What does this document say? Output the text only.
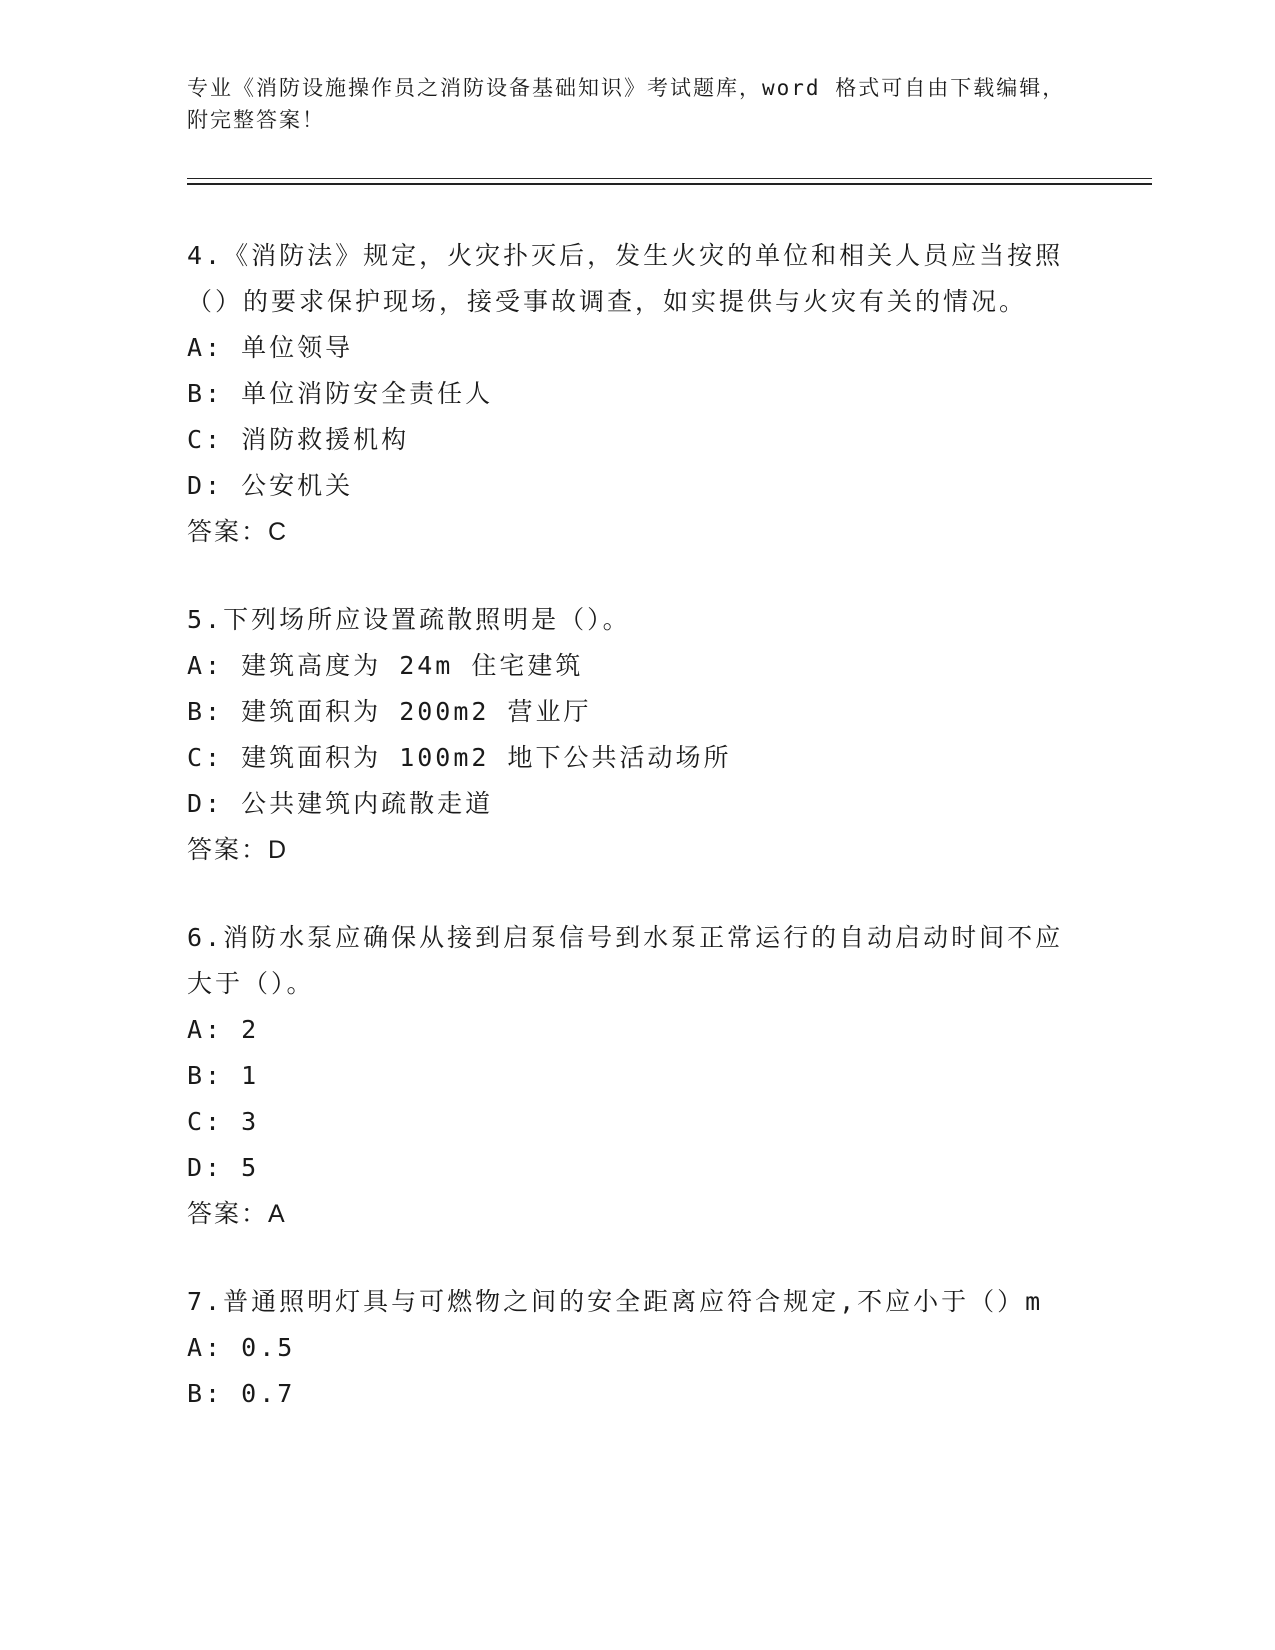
专业《消防设施操作员之消防设备基础知识》考试题库，word 格式可自由下载编辑，附完整答案！
4.《消防法》规定，火灾扑灭后，发生火灾的单位和相关人员应当按照（）的要求保护现场，接受事故调查，如实提供与火灾有关的情况。
A: 单位领导
B: 单位消防安全责任人
C: 消防救援机构
D: 公安机关
答案：C
5.下列场所应设置疏散照明是（）。
A: 建筑高度为 24m 住宅建筑
B: 建筑面积为 200m2 营业厅
C: 建筑面积为 100m2 地下公共活动场所
D: 公共建筑内疏散走道
答案：D
6.消防水泵应确保从接到启泵信号到水泵正常运行的自动启动时间不应大于（）。
A: 2
B: 1
C: 3
D: 5
答案：A
7.普通照明灯具与可燃物之间的安全距离应符合规定,不应小于（）m
A: 0.5
B: 0.7
